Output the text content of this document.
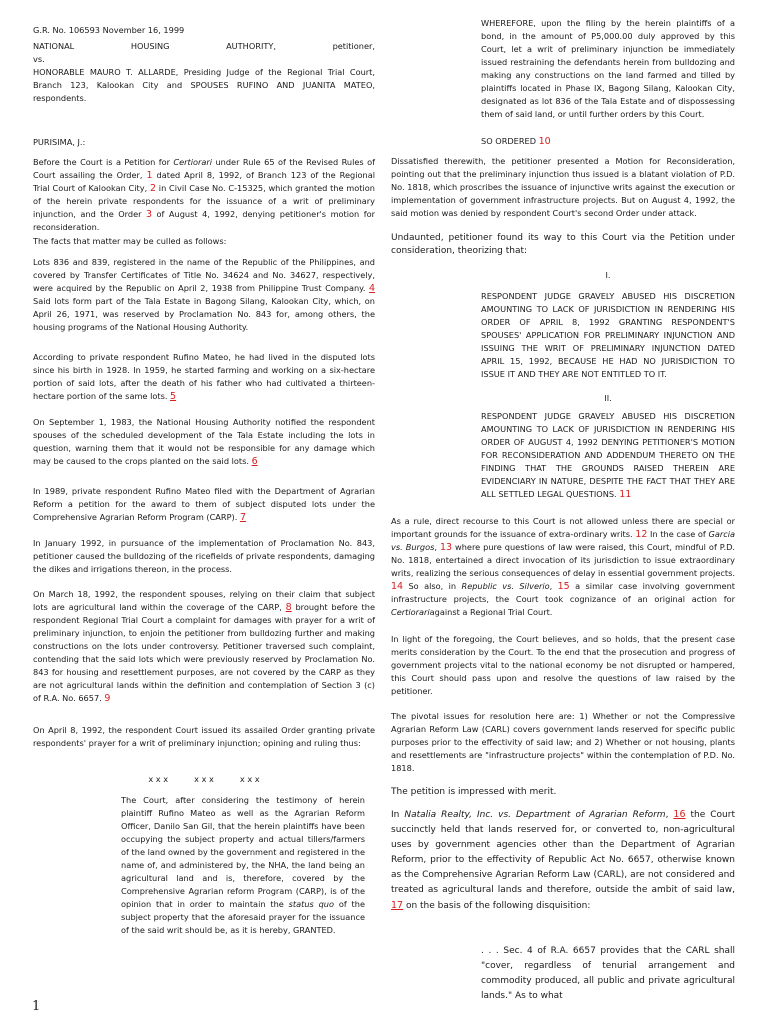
G.R. No. 106593 November 16, 1999

NATIONAL HOUSING AUTHORITY, petitioner,

vs.

HONORABLE MAURO T. ALLARDE, Presiding Judge of the Regional Trial Court, Branch 123, Kalookan City and SPOUSES RUFINO AND JUANITA MATEO, respondents.

PURISIMA, J.:

Before the Court is a Petition for Certiorari under Rule 65 of the Revised Rules of Court assailing the Order, 1 dated April 8, 1992, of Branch 123 of the Regional Trial Court of Kalookan City, 2 in Civil Case No. C-15325, which granted the motion of the herein private respondents for the issuance of a writ of preliminary injunction, and the Order 3 of August 4, 1992, denying petitioner's motion for reconsideration.

The facts that matter may be culled as follows:

Lots 836 and 839, registered in the name of the Republic of the Philippines, and covered by Transfer Certificates of Title No. 34624 and No. 34627, respectively, were acquired by the Republic on April 2, 1938 from Philippine Trust Company. 4 Said lots form part of the Tala Estate in Bagong Silang, Kalookan City, which, on April 26, 1971, was reserved by Proclamation No. 843 for, among others, the housing programs of the National Housing Authority.

According to private respondent Rufino Mateo, he had lived in the disputed lots since his birth in 1928. In 1959, he started farming and working on a six-hectare portion of said lots, after the death of his father who had cultivated a thirteen-hectare portion of the same lots. 5

On September 1, 1983, the National Housing Authority notified the respondent spouses of the scheduled development of the Tala Estate including the lots in question, warning them that it would not be responsible for any damage which may be caused to the crops planted on the said lots. 6

In 1989, private respondent Rufino Mateo filed with the Department of Agrarian Reform a petition for the award to them of subject disputed lots under the Comprehensive Agrarian Reform Program (CARP). 7

In January 1992, in pursuance of the implementation of Proclamation No. 843, petitioner caused the bulldozing of the ricefields of private respondents, damaging the dikes and irrigations thereon, in the process.

On March 18, 1992, the respondent spouses, relying on their claim that subject lots are agricultural land within the coverage of the CARP, 8 brought before the respondent Regional Trial Court a complaint for damages with prayer for a writ of preliminary injunction, to enjoin the petitioner from bulldozing further and making constructions on the lots under controversy. Petitioner traversed such complaint, contending that the said lots which were previously reserved by Proclamation No. 843 for housing and resettlement purposes, are not covered by the CARP as they are not agricultural lands within the definition and contemplation of Section 3 (c) of R.A. No. 6657. 9

On April 8, 1992, the respondent Court issued its assailed Order granting private respondents' prayer for a writ of preliminary injunction; opining and ruling thus:

x x x          x x x          x x x

The Court, after considering the testimony of herein plaintiff Rufino Mateo as well as the Agrarian Reform Officer, Danilo San Gil, that the herein plaintiffs have been occupying the subject property and actual tillers/farmers of the land owned by the government and registered in the name of, and administered by, the NHA, the land being an agricultural land and is, therefore, covered by the Comprehensive Agrarian reform Program (CARP), is of the opinion that in order to maintain the status quo of the subject property that the aforesaid prayer for the issuance of the said writ should be, as it is hereby, GRANTED.

WHEREFORE, upon the filing by the herein plaintiffs of a bond, in the amount of P5,000.00 duly approved by this Court, let a writ of preliminary injunction be immediately issued restraining the defendants herein from bulldozing and making any constructions on the land farmed and tilled by plaintiffs located in Phase IX, Bagong Silang, Kalookan City, designated as lot 836 of the Tala Estate and of dispossessing them of said land, or until further orders by this Court.

SO ORDERED 10

Dissatisfied therewith, the petitioner presented a Motion for Reconsideration, pointing out that the preliminary injunction thus issued is a blatant violation of P.D. No. 1818, which proscribes the issuance of injunctive writs against the execution or implementation of government infrastructure projects. But on August 4, 1992, the said motion was denied by respondent Court's second Order under attack.

Undaunted, petitioner found its way to this Court via the Petition under consideration, theorizing that:

I.

RESPONDENT JUDGE GRAVELY ABUSED HIS DISCRETION AMOUNTING TO LACK OF JURISDICTION IN RENDERING HIS ORDER OF APRIL 8, 1992 GRANTING RESPONDENT'S SPOUSES' APPLICATION FOR PRELIMINARY INJUNCTION AND ISSUING THE WRIT OF PRELIMINARY INJUNCTION DATED APRIL 15, 1992, BECAUSE HE HAD NO JURISDICTION TO ISSUE IT AND THEY ARE NOT ENTITLED TO IT.

II.

RESPONDENT JUDGE GRAVELY ABUSED HIS DISCRETION AMOUNTING TO LACK OF JURISDICTION IN RENDERING HIS ORDER OF AUGUST 4, 1992 DENYING PETITIONER'S MOTION FOR RECONSIDERATION AND ADDENDUM THERETO ON THE FINDING THAT THE GROUNDS RAISED THEREIN ARE EVIDENCIARY IN NATURE, DESPITE THE FACT THAT THEY ARE ALL SETTLED LEGAL QUESTIONS. 11

As a rule, direct recourse to this Court is not allowed unless there are special or important grounds for the issuance of extra-ordinary writs. 12 In the case of Garcia vs. Burgos, 13 where pure questions of law were raised, this Court, mindful of P.D. No. 1818, entertained a direct invocation of its jurisdiction to issue extraordinary writs, realizing the serious consequences of delay in essential government projects. 14 So also, in Republic vs. Silverio, 15 a similar case involving government infrastructure projects, the Court took cognizance of an original action for Certiorariagainst a Regional Trial Court.

In light of the foregoing, the Court believes, and so holds, that the present case merits consideration by the Court. To the end that the prosecution and progress of government projects vital to the national economy be not disrupted or hampered, this Court should pass upon and resolve the questions of law raised by the petitioner.

The pivotal issues for resolution here are: 1) Whether or not the Compressive Agrarian Reform Law (CARL) covers government lands reserved for specific public purposes prior to the effectivity of said law; and 2) Whether or not housing, plants and resettlements are "infrastructure projects" within the contemplation of P.D. No. 1818.

The petition is impressed with merit.

In Natalia Realty, Inc. vs. Department of Agrarian Reform, 16 the Court succinctly held that lands reserved for, or converted to, non-agricultural uses by government agencies other than the Department of Agrarian Reform, prior to the effectivity of Republic Act No. 6657, otherwise known as the Comprehensive Agrarian Reform Law (CARL), are not considered and treated as agricultural lands and therefore, outside the ambit of said law, 17 on the basis of the following disquisition:

. . . Sec. 4 of R.A. 6657 provides that the CARL shall "cover, regardless of tenurial arrangement and commodity produced, all public and private agricultural lands." As to what

1
